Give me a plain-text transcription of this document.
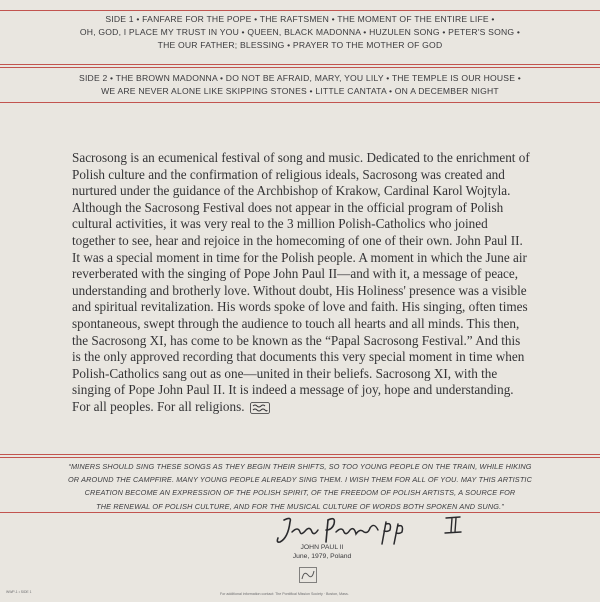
SIDE 1 • FANFARE FOR THE POPE • THE RAFTSMEN • THE MOMENT OF THE ENTIRE LIFE •
OH, GOD, I PLACE MY TRUST IN YOU • QUEEN, BLACK MADONNA • HUZULEN SONG • PETER'S SONG •
THE OUR FATHER; BLESSING • PRAYER TO THE MOTHER OF GOD
SIDE 2 • THE BROWN MADONNA • DO NOT BE AFRAID, MARY, YOU LILY • THE TEMPLE IS OUR HOUSE •
WE ARE NEVER ALONE LIKE SKIPPING STONES • LITTLE CANTATA • ON A DECEMBER NIGHT
Sacrosong is an ecumenical festival of song and music. Dedicated to the enrichment of Polish culture and the confirmation of religious ideals, Sacrosong was created and nurtured under the guidance of the Archbishop of Krakow, Cardinal Karol Wojtyla. Although the Sacrosong Festival does not appear in the official program of Polish cultural activities, it was very real to the 3 million Polish-Catholics who joined together to see, hear and rejoice in the homecoming of one of their own. John Paul II. It was a special moment in time for the Polish people. A moment in which the June air reverberated with the singing of Pope John Paul II—and with it, a message of peace, understanding and brotherly love. Without doubt, His Holiness' presence was a visible and spiritual revitalization. His words spoke of love and faith. His singing, often times spontaneous, swept through the audience to touch all hearts and all minds. This then, the Sacrosong XI, has come to be known as the “Papal Sacrosong Festival.” And this is the only approved recording that documents this very special moment in time when Polish-Catholics sang out as one—united in their beliefs. Sacrosong XI, with the singing of Pope John Paul II. It is indeed a message of joy, hope and understanding. For all peoples. For all religions.
“MINERS SHOULD SING THESE SONGS AS THEY BEGIN THEIR SHIFTS, SO TOO YOUNG PEOPLE ON THE TRAIN, WHILE HIKING
OR AROUND THE CAMPFIRE. MANY YOUNG PEOPLE ALREADY SING THEM. I WISH THEM FOR ALL OF YOU. MAY THIS ARTISTIC
CREATION BECOME AN EXPRESSION OF THE POLISH SPIRIT, OF THE FREEDOM OF POLISH ARTISTS, A SOURCE FOR
THE RENEWAL OF POLISH CULTURE, AND FOR THE MUSICAL CULTURE OF WORDS BOTH SPOKEN AND SUNG.”
JOHN PAUL II
June, 1979, Poland
WWP-1 • SIDE 1	For additional information contact: The Pontifical Mission Society · Boston, Mass.
